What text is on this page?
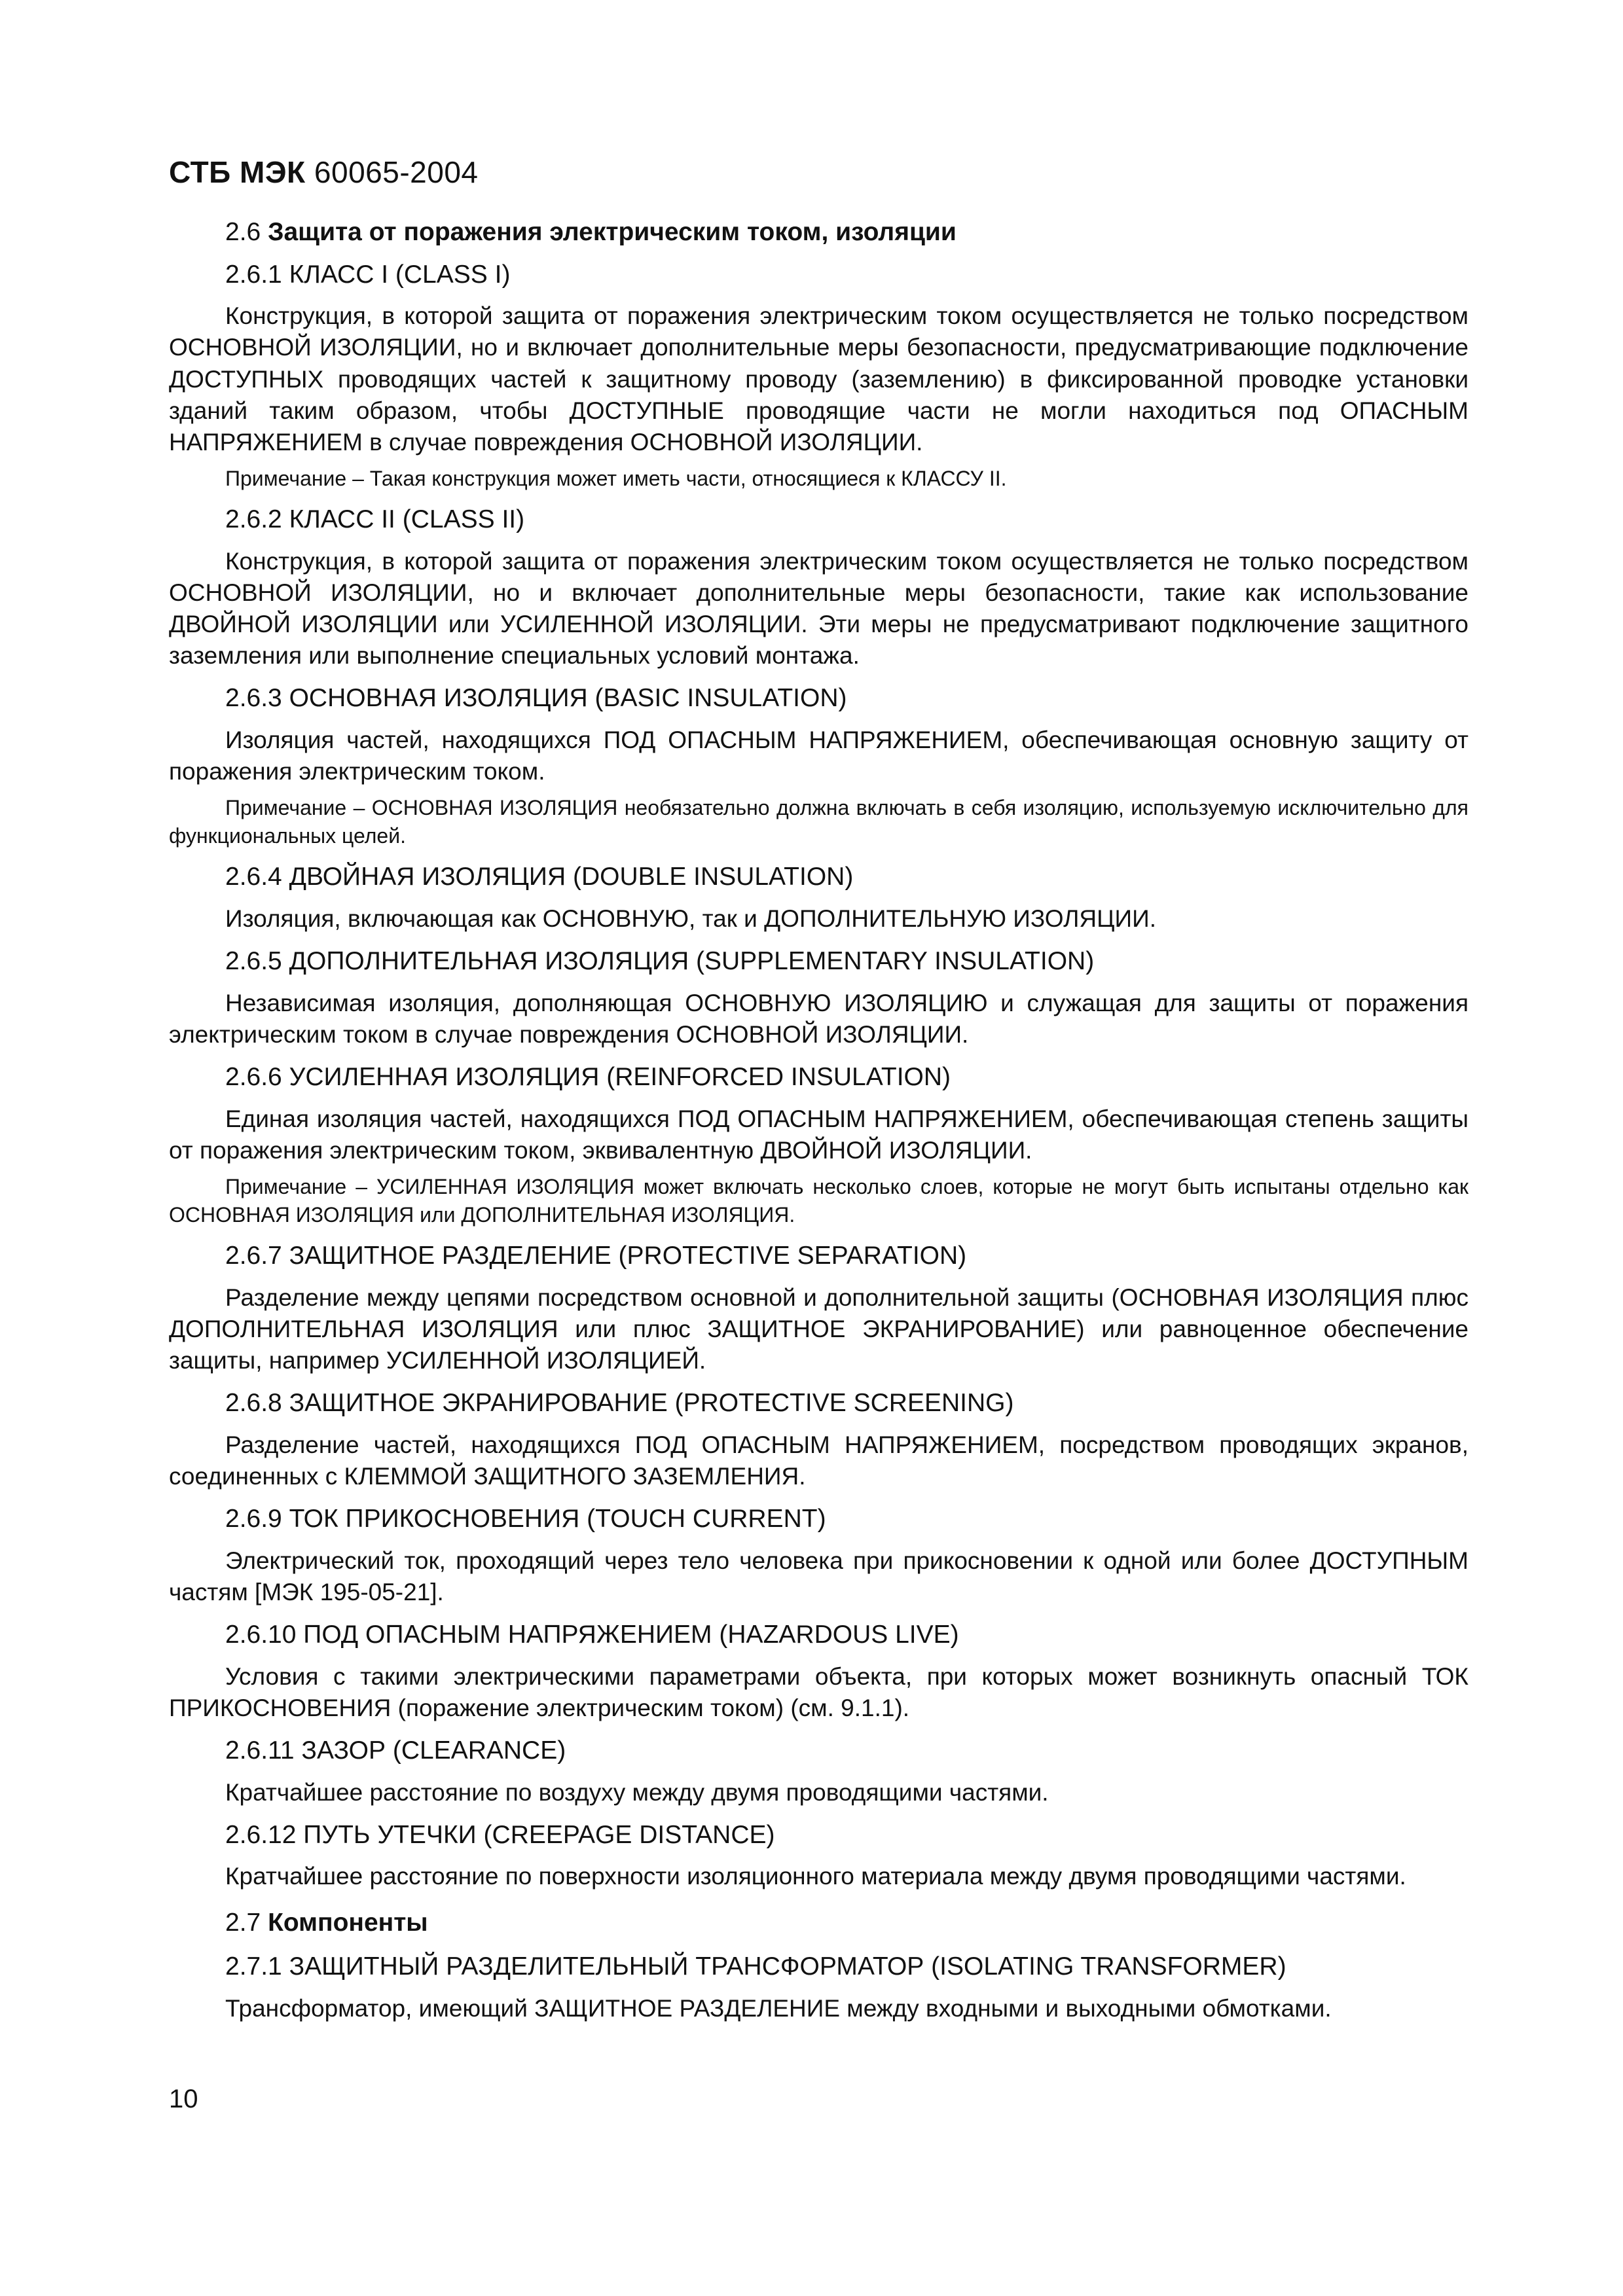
СТБ МЭК 60065-2004
2.6 Защита от поражения электрическим током, изоляции
2.6.1 КЛАСС I (CLASS I)

Конструкция, в которой защита от поражения электрическим током осуществляется не только посредством ОСНОВНОЙ ИЗОЛЯЦИИ, но и включает дополнительные меры безопасности, предусматривающие подключение ДОСТУПНЫХ проводящих частей к защитному проводу (заземлению) в фиксированной проводке установки зданий таким образом, чтобы ДОСТУПНЫЕ проводящие части не могли находиться под ОПАСНЫМ НАПРЯЖЕНИЕМ в случае повреждения ОСНОВНОЙ ИЗОЛЯЦИИ.

Примечание – Такая конструкция может иметь части, относящиеся к КЛАССУ II.

2.6.2 КЛАСС II (CLASS II)

Конструкция, в которой защита от поражения электрическим током осуществляется не только посредством ОСНОВНОЙ ИЗОЛЯЦИИ, но и включает дополнительные меры безопасности, такие как использование ДВОЙНОЙ ИЗОЛЯЦИИ или УСИЛЕННОЙ ИЗОЛЯЦИИ. Эти меры не предусматривают подключение защитного заземления или выполнение специальных условий монтажа.

2.6.3 ОСНОВНАЯ ИЗОЛЯЦИЯ (BASIC INSULATION)

Изоляция частей, находящихся ПОД ОПАСНЫМ НАПРЯЖЕНИЕМ, обеспечивающая основную защиту от поражения электрическим током.

Примечание – ОСНОВНАЯ ИЗОЛЯЦИЯ необязательно должна включать в себя изоляцию, используемую исключительно для функциональных целей.

2.6.4 ДВОЙНАЯ ИЗОЛЯЦИЯ (DOUBLE INSULATION)

Изоляция, включающая как ОСНОВНУЮ, так и ДОПОЛНИТЕЛЬНУЮ ИЗОЛЯЦИИ.

2.6.5 ДОПОЛНИТЕЛЬНАЯ ИЗОЛЯЦИЯ (SUPPLEMENTARY INSULATION)

Независимая изоляция, дополняющая ОСНОВНУЮ ИЗОЛЯЦИЮ и служащая для защиты от поражения электрическим током в случае повреждения ОСНОВНОЙ ИЗОЛЯЦИИ.

2.6.6 УСИЛЕННАЯ ИЗОЛЯЦИЯ (REINFORCED INSULATION)

Единая изоляция частей, находящихся ПОД ОПАСНЫМ НАПРЯЖЕНИЕМ, обеспечивающая степень защиты от поражения электрическим током, эквивалентную ДВОЙНОЙ ИЗОЛЯЦИИ.

Примечание – УСИЛЕННАЯ ИЗОЛЯЦИЯ может включать несколько слоев, которые не могут быть испытаны отдельно как ОСНОВНАЯ ИЗОЛЯЦИЯ или ДОПОЛНИТЕЛЬНАЯ ИЗОЛЯЦИЯ.

2.6.7 ЗАЩИТНОЕ РАЗДЕЛЕНИЕ (PROTECTIVE SEPARATION)

Разделение между цепями посредством основной и дополнительной защиты (ОСНОВНАЯ ИЗОЛЯЦИЯ плюс ДОПОЛНИТЕЛЬНАЯ ИЗОЛЯЦИЯ или плюс ЗАЩИТНОЕ ЭКРАНИРОВАНИЕ) или равноценное обеспечение защиты, например УСИЛЕННОЙ ИЗОЛЯЦИЕЙ.

2.6.8 ЗАЩИТНОЕ ЭКРАНИРОВАНИЕ (PROTECTIVE SCREENING)

Разделение частей, находящихся ПОД ОПАСНЫМ НАПРЯЖЕНИЕМ, посредством проводящих экранов, соединенных с КЛЕММОЙ ЗАЩИТНОГО ЗАЗЕМЛЕНИЯ.

2.6.9 ТОК ПРИКОСНОВЕНИЯ (TOUCH CURRENT)

Электрический ток, проходящий через тело человека при прикосновении к одной или более ДОСТУПНЫМ частям [МЭК 195-05-21].

2.6.10 ПОД ОПАСНЫМ НАПРЯЖЕНИЕМ (HAZARDOUS LIVE)

Условия с такими электрическими параметрами объекта, при которых может возникнуть опасный ТОК ПРИКОСНОВЕНИЯ (поражение электрическим током) (см. 9.1.1).

2.6.11 ЗАЗОР (CLEARANCE)

Кратчайшее расстояние по воздуху между двумя проводящими частями.

2.6.12 ПУТЬ УТЕЧКИ (CREEPAGE DISTANCE)

Кратчайшее расстояние по поверхности изоляционного материала между двумя проводящими частями.

2.7 Компоненты
2.7.1 ЗАЩИТНЫЙ РАЗДЕЛИТЕЛЬНЫЙ ТРАНСФОРМАТОР (ISOLATING TRANSFORMER)

Трансформатор, имеющий ЗАЩИТНОЕ РАЗДЕЛЕНИЕ между входными и выходными обмотками.

10
